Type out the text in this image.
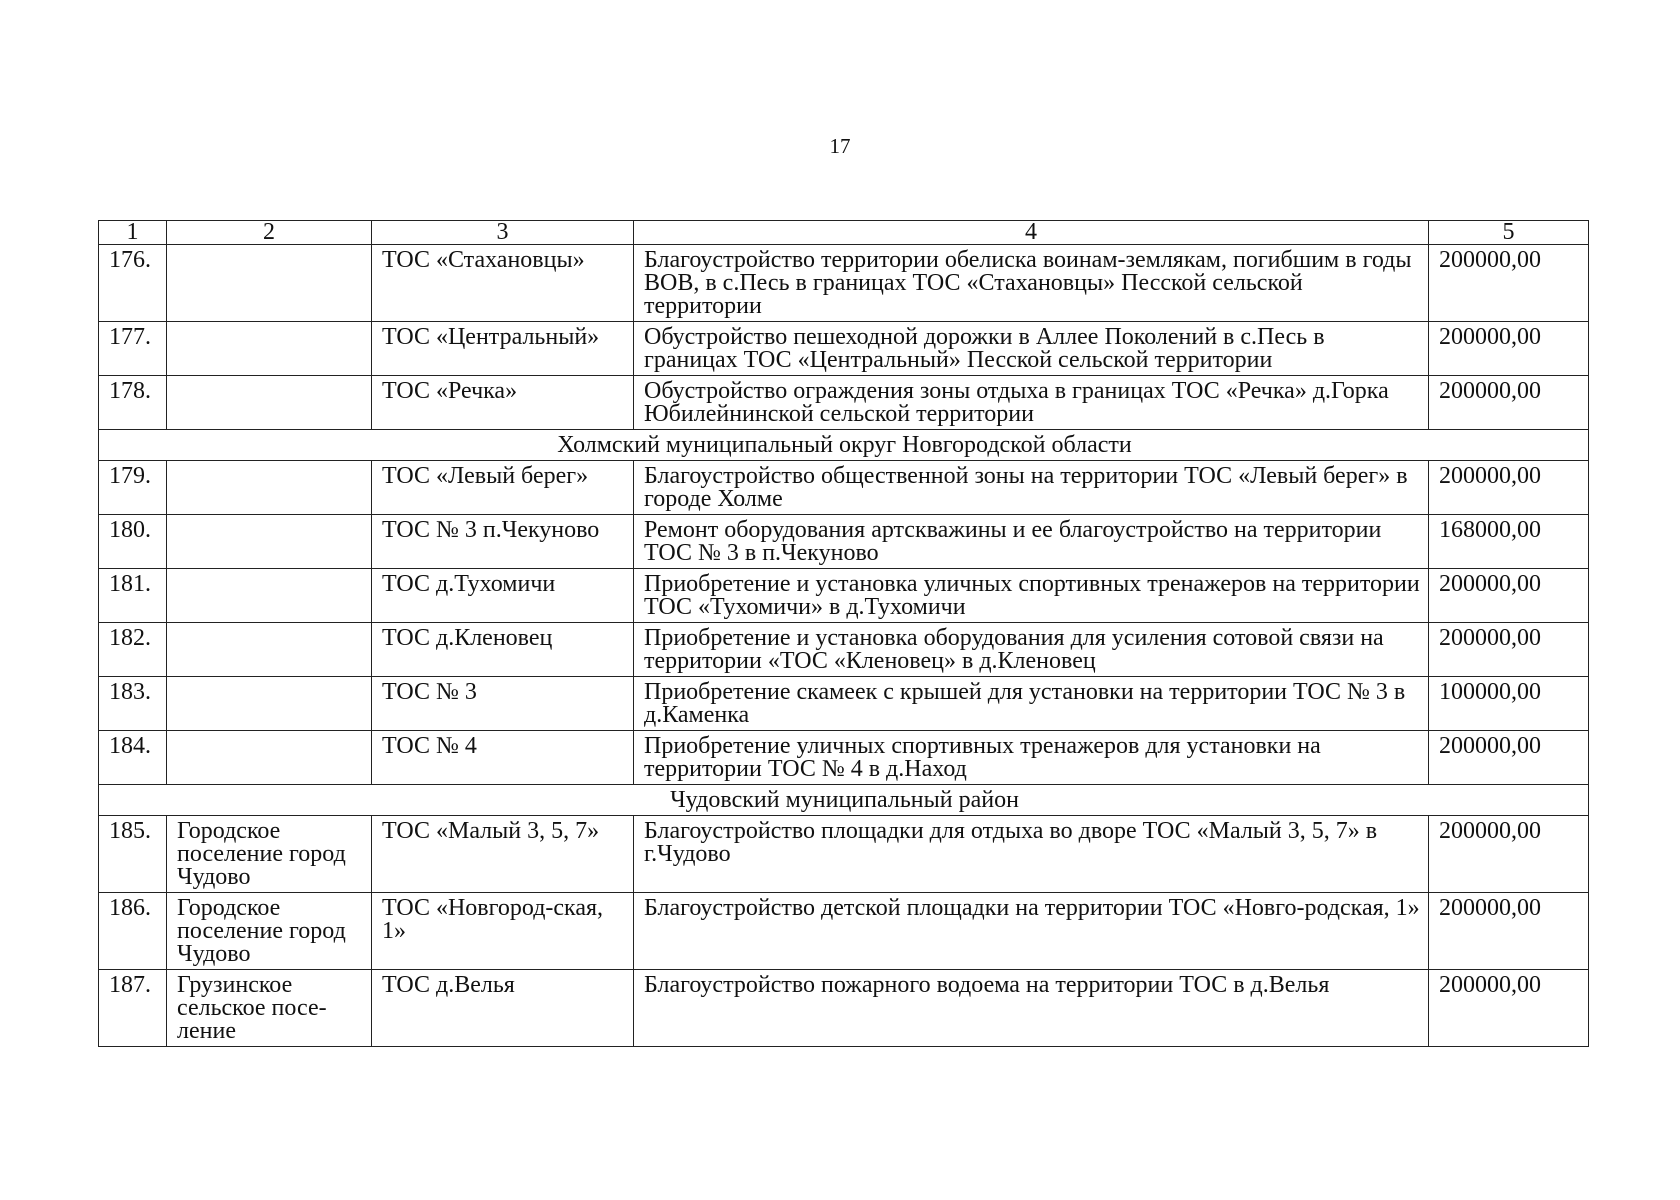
17
1	2	3	4	5
176.		ТОС «Стахановцы»	Благоустройство территории обелиска воинам-землякам, погибшим в годы ВОВ, в с.Песь в границах ТОС «Стахановцы» Песской сельской территории	200000,00
177.		ТОС «Центральный»	Обустройство пешеходной дорожки в Аллее Поколений в с.Песь в границах ТОС «Центральный» Песской сельской территории	200000,00
178.		ТОС «Речка»	Обустройство ограждения зоны отдыха в границах ТОС «Речка» д.Горка Юбилейнинской сельской территории	200000,00
Холмский муниципальный округ Новгородской области				
179.		ТОС «Левый берег»	Благоустройство общественной зоны на территории ТОС «Левый берег» в городе Холме	200000,00
180.		ТОС № 3 п.Чекуново	Ремонт оборудования артскважины и ее благоустройство на территории ТОС № 3 в п.Чекуново	168000,00
181.		ТОС д.Тухомичи	Приобретение и установка уличных спортивных тренажеров на территории ТОС «Тухомичи» в д.Тухомичи	200000,00
182.		ТОС д.Кленовец	Приобретение и установка оборудования для усиления сотовой связи на территории «ТОС «Кленовец» в д.Кленовец	200000,00
183.		ТОС № 3	Приобретение скамеек с крышей для установки на территории ТОС № 3 в д.Каменка	100000,00
184.		ТОС № 4	Приобретение уличных спортивных тренажеров для установки на территории ТОС № 4 в д.Наход	200000,00
Чудовский муниципальный район				
185.	Городское поселение город Чудово	ТОС «Малый 3, 5, 7»	Благоустройство площадки для отдыха во дворе ТОС «Малый 3, 5, 7» в г.Чудово	200000,00
186.	Городское поселение город Чудово	ТОС «Новгород-ская, 1»	Благоустройство детской площадки на территории ТОС «Новго-родская, 1»	200000,00
187.	Грузинское сельское посе-ление	ТОС д.Велья	Благоустройство пожарного водоема на территории ТОС в д.Велья	200000,00
